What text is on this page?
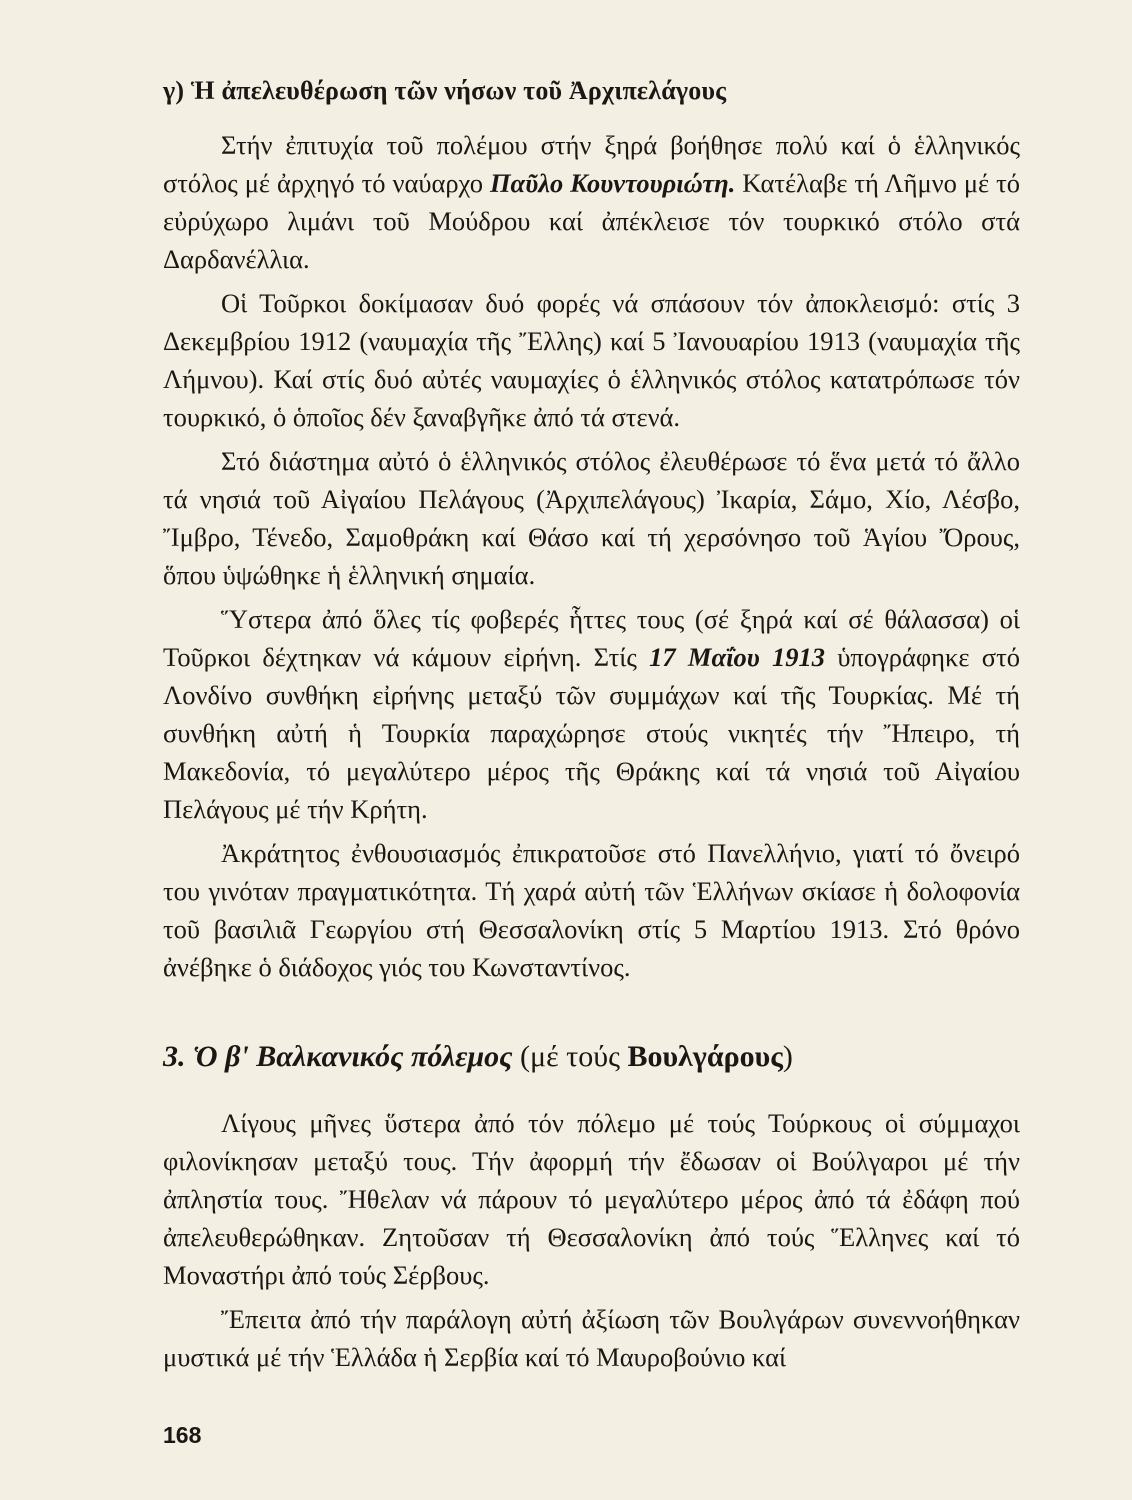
γ) Ἡ ἀπελευθέρωση τῶν νήσων τοῦ Ἀρχιπελάγους

Στήν ἐπιτυχία τοῦ πολέμου στήν ξηρά βοήθησε πολύ καί ὁ ἑλληνικός στόλος μέ ἀρχηγό τό ναύαρχο Παῦλο Κουντουριώτη. Κατέλαβε τή Λῆμνο μέ τό εὐρύχωρο λιμάνι τοῦ Μούδρου καί ἀπέκλεισε τόν τουρκικό στόλο στά Δαρδανέλλια.

Οἱ Τοῦρκοι δοκίμασαν δυό φορές νά σπάσουν τόν ἀποκλεισμό: στίς 3 Δεκεμβρίου 1912 (ναυμαχία τῆς Ἔλλης) καί 5 Ἰανουαρίου 1913 (ναυμαχία τῆς Λήμνου). Καί στίς δυό αὐτές ναυμαχίες ὁ ἑλληνικός στόλος κατατρόπωσε τόν τουρκικό, ὁ ὁποῖος δέν ξαναβγῆκε ἀπό τά στενά.

Στό διάστημα αὐτό ὁ ἑλληνικός στόλος ἐλευθέρωσε τό ἕνα μετά τό ἄλλο τά νησιά τοῦ Αἰγαίου Πελάγους (Ἀρχιπελάγους) Ἰκαρία, Σάμο, Χίο, Λέσβο, Ἴμβρο, Τένεδο, Σαμοθράκη καί Θάσο καί τή χερσόνησο τοῦ Ἁγίου Ὄρους, ὅπου ὑψώθηκε ἡ ἑλληνική σημαία.

Ὕστερα ἀπό ὅλες τίς φοβερές ἧττες τους (σέ ξηρά καί σέ θάλασσα) οἱ Τοῦρκοι δέχτηκαν νά κάμουν εἰρήνη. Στίς 17 Μαΐου 1913 ὑπογράφηκε στό Λονδίνο συνθήκη εἰρήνης μεταξύ τῶν συμμάχων καί τῆς Τουρκίας. Μέ τή συνθήκη αὐτή ἡ Τουρκία παραχώρησε στούς νικητές τήν Ἤπειρο, τή Μακεδονία, τό μεγαλύτερο μέρος τῆς Θράκης καί τά νησιά τοῦ Αἰγαίου Πελάγους μέ τήν Κρήτη.

Ἀκράτητος ἐνθουσιασμός ἐπικρατοῦσε στό Πανελλήνιο, γιατί τό ὄνειρό του γινόταν πραγματικότητα. Τή χαρά αὐτή τῶν Ἑλλήνων σκίασε ἡ δολοφονία τοῦ βασιλιᾶ Γεωργίου στή Θεσσαλονίκη στίς 5 Μαρτίου 1913. Στό θρόνο ἀνέβηκε ὁ διάδοχος γιός του Κωνσταντίνος.

3. Ὁ β' Βαλκανικός πόλεμος (μέ τούς Βουλγάρους)

Λίγους μῆνες ὕστερα ἀπό τόν πόλεμο μέ τούς Τούρκους οἱ σύμμαχοι φιλονίκησαν μεταξύ τους. Τήν ἀφορμή τήν ἔδωσαν οἱ Βούλγαροι μέ τήν ἀπληστία τους. Ἤθελαν νά πάρουν τό μεγαλύτερο μέρος ἀπό τά ἐδάφη πού ἀπελευθερώθηκαν. Ζητοῦσαν τή Θεσσαλονίκη ἀπό τούς Ἕλληνες καί τό Μοναστήρι ἀπό τούς Σέρβους.

Ἔπειτα ἀπό τήν παράλογη αὐτή ἀξίωση τῶν Βουλγάρων συνεννοήθηκαν μυστικά μέ τήν Ἑλλάδα ἡ Σερβία καί τό Μαυροβούνιο καί

168
